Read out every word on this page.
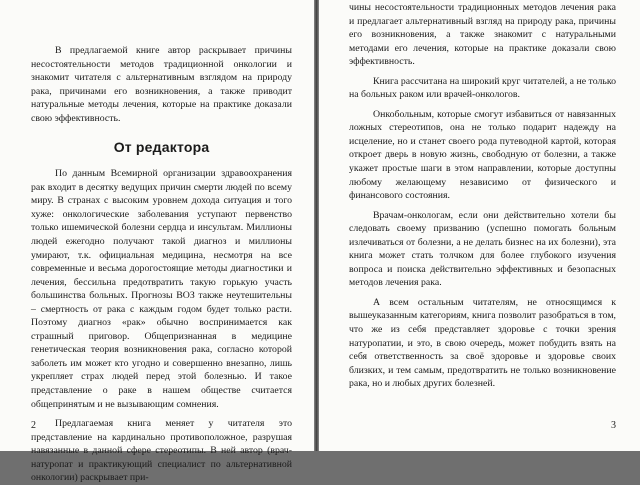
В предлагаемой книге автор раскрывает причины несостоятельности методов традиционной онкологии и знакомит читателя с альтернативным взглядом на природу рака, причинами его возникновения, а также приводит натуральные методы лечения, которые на практике доказали свою эффективность.

От редактора

По данным Всемирной организации здравоохранения рак входит в десятку ведущих причин смерти людей по всему миру. В странах с высоким уровнем дохода ситуация и того хуже: онкологические заболевания уступают первенство только ишемической болезни сердца и инсультам. Миллионы людей ежегодно получают такой диагноз и миллионы умирают, т.к. официальная медицина, несмотря на все современные и весьма дорогостоящие методы диагностики и лечения, бессильна предотвратить такую горькую участь большинства больных. Прогнозы ВОЗ также неутешительны – смертность от рака с каждым годом будет только расти. Поэтому диагноз «рак» обычно воспринимается как страшный приговор. Общепризнанная в медицине генетическая теория возникновения рака, согласно которой заболеть им может кто угодно и совершенно внезапно, лишь укрепляет страх людей перед этой болезнью. И такое представление о раке в нашем обществе считается общепринятым и не вызывающим сомнения.

Предлагаемая книга меняет у читателя это представление на кардинально противоположное, разрушая навязанные в данной сфере стереотипы. В ней автор (врач-натуропат и практикующий специалист по альтернативной онкологии) раскрывает при-

2

чины несостоятельности традиционных методов лечения рака и предлагает альтернативный взгляд на природу рака, причины его возникновения, а также знакомит с натуральными методами его лечения, которые на практике доказали свою эффективность.

Книга рассчитана на широкий круг читателей, а не только на больных раком или врачей-онкологов.

Онкобольным, которые смогут избавиться от навязанных ложных стереотипов, она не только подарит надежду на исцеление, но и станет своего рода путеводной картой, которая откроет дверь в новую жизнь, свободную от болезни, а также укажет простые шаги в этом направлении, которые доступны любому желающему независимо от физического и финансового состояния.

Врачам-онкологам, если они действительно хотели бы следовать своему призванию (успешно помогать больным излечиваться от болезни, а не делать бизнес на их болезни), эта книга может стать толчком для более глубокого изучения вопроса и поиска действительно эффективных и безопасных методов лечения рака.

А всем остальным читателям, не относящимся к вышеуказанным категориям, книга позволит разобраться в том, что же из себя представляет здоровье с точки зрения натуропатии, и это, в свою очередь, может побудить взять на себя ответственность за своё здоровье и здоровье своих близких, и тем самым, предотвратить не только возникновение рака, но и любых других болезней.

3
